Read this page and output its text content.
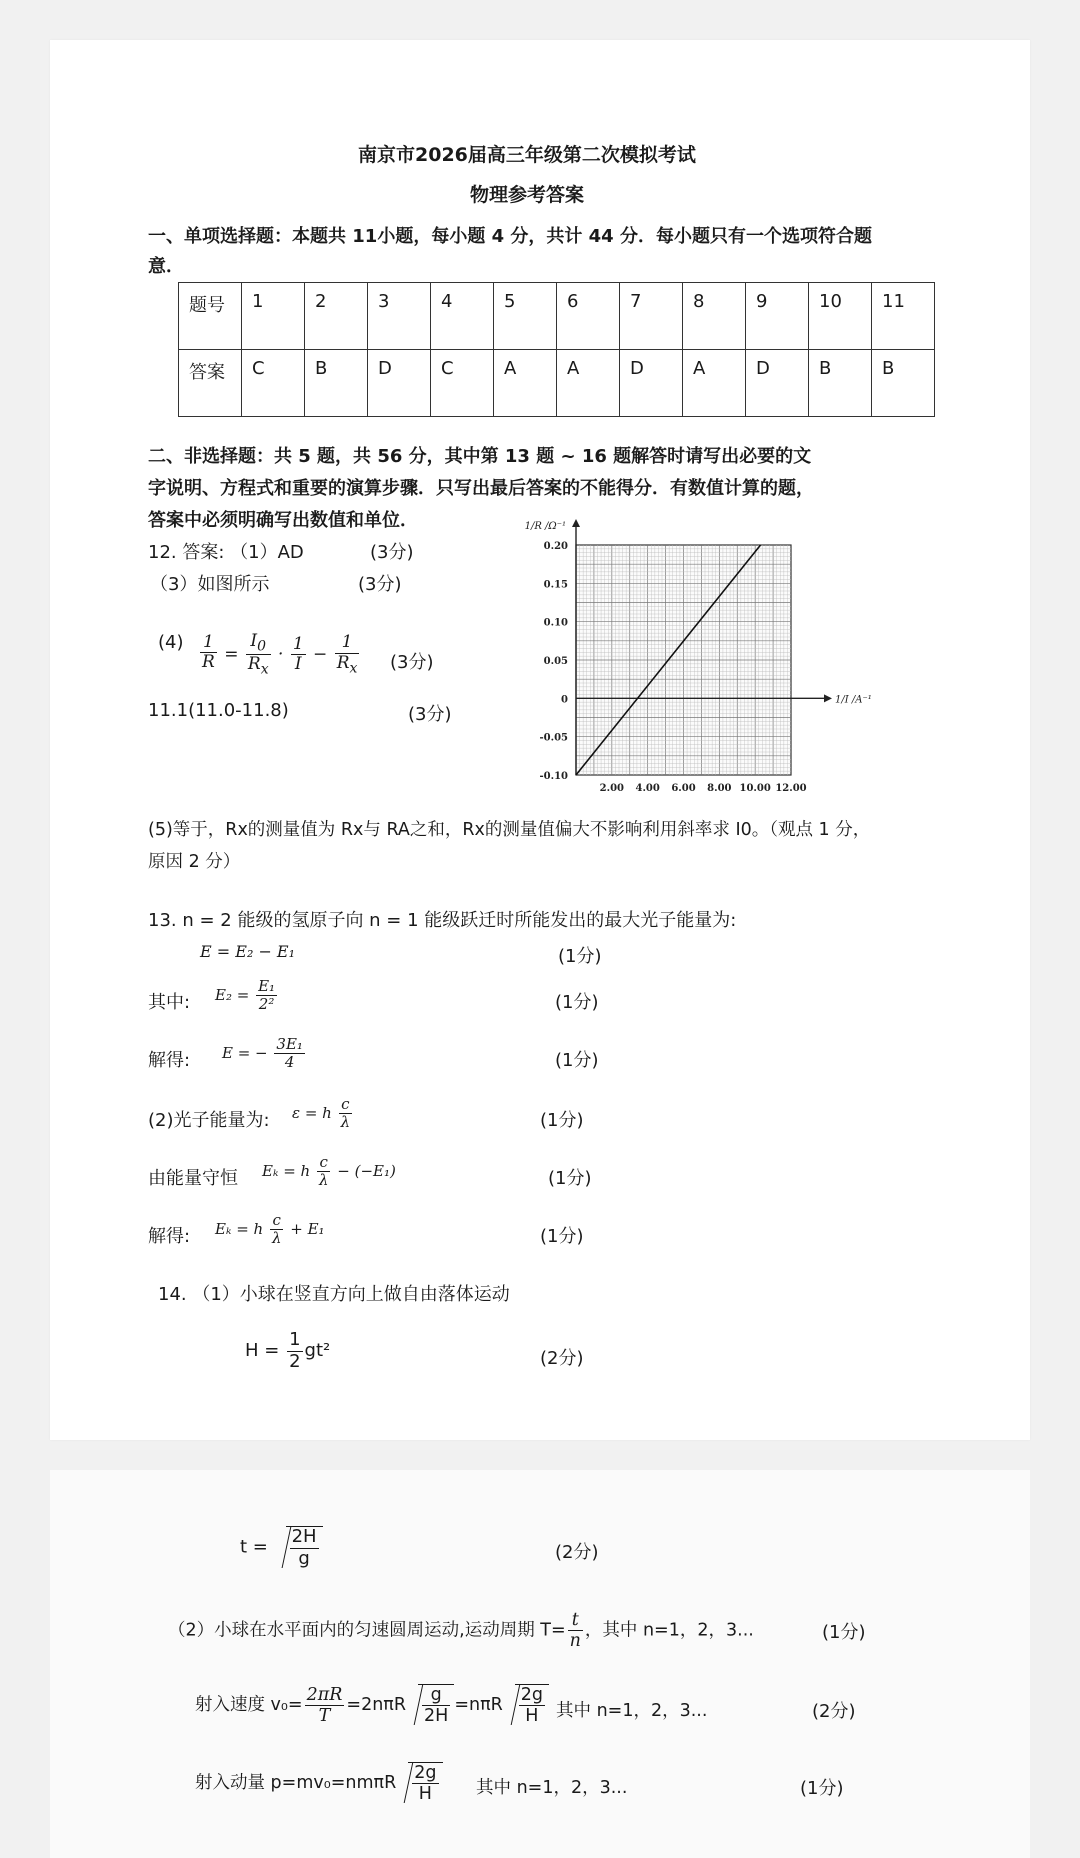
南京市2026届高三年级第二次模拟考试
物理参考答案
一、单项选择题：本题共 11小题，每小题 4 分，共计 44 分．每小题只有一个选项符合题
意．
题号	1	2	3	4	5	6	7	8	9	10	11
答案	C	B	D	C	A	A	D	A	D	B	B
二、非选择题：共 5 题，共 56 分，其中第 13 题 ~ 16 题解答时请写出必要的文
字说明、方程式和重要的演算步骤．只写出最后答案的不能得分．有数值计算的题，
答案中必须明确写出数值和单位．
12. 答案: （1）AD	(3分)
（3）如图所示	(3分)
$(4) \frac{1}{R} = \frac{I_0}{R_x} \cdot \frac{1}{I} - \frac{1}{R_x} (3$分)
11.1(11.0-11.8)	(3分)
0.20
0.15
0.10
0.05
0
-0.05
-0.10
2.00 4.00 6.00 8.00 10.00 12.00
1/R /Ω⁻¹
1/I /A⁻¹
(5)等于，Rx的测量值为 Rx与 RA之和，Rx的测量值偏大不影响利用斜率求 I0。（观点 1 分，
原因 2 分）
13. n = 2 能级的氢原子向 n = 1 能级跃迁时所能发出的最大光子能量为:
E = E₂ − E₁	(1分)
其中: $E_2 = \frac{\text{E₁}}{\text{2²}}$	(1分)
解得: E = − $\frac{\text{3E₁}}{4}$	(1分)
(2)光子能量为: ε = h $\frac{c}{\lambda}$	(1分)
由能量守恒 Eₖ = h $\frac{c}{\lambda} - (-E_1)$	(1分)
解得: Eₖ = h $\frac{c}{\lambda} + E_1$	(1分)
14. （1）小球在竖直方向上做自由落体运动
$H = \frac{1}{2} gt^2$	(2分)
$t = \frac{2H}{g}$	(2分)
（2）小球在水平面内的匀速圆周运动,运动周期 $T= \frac{t}{n}$ ，其中 n=1，2，3...	(1分)
射入速度 $v_0= \frac{2\pi R}{T} =2n\pi R \frac{g}{2H} =n\pi R \frac{2g}{H}$ 其中 n=1，2，3...	(2分)
射入动量 $p=mv_0=nm\pi R \frac{2g}{H}$ 其中 n=1，2，3...	(1分)
